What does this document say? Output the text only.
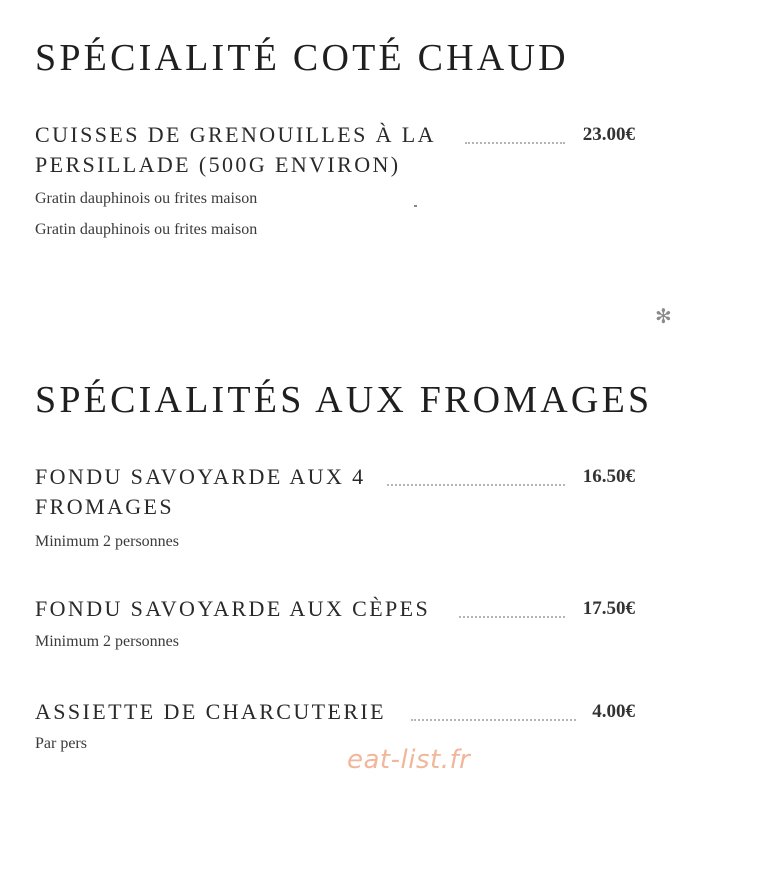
SPÉCIALITÉ COTÉ CHAUD
CUISSES DE GRENOUILLES À LA	23.00€
PERSILLADE (500G ENVIRON)
Gratin dauphinois ou frites maison
Gratin dauphinois ou frites maison
✻
SPÉCIALITÉS AUX FROMAGES
FONDU SAVOYARDE AUX 4	16.50€
FROMAGES
Minimum 2 personnes
FONDU SAVOYARDE AUX CÈPES	17.50€
Minimum 2 personnes
ASSIETTE DE CHARCUTERIE	4.00€
Par pers
eat-list.fr
